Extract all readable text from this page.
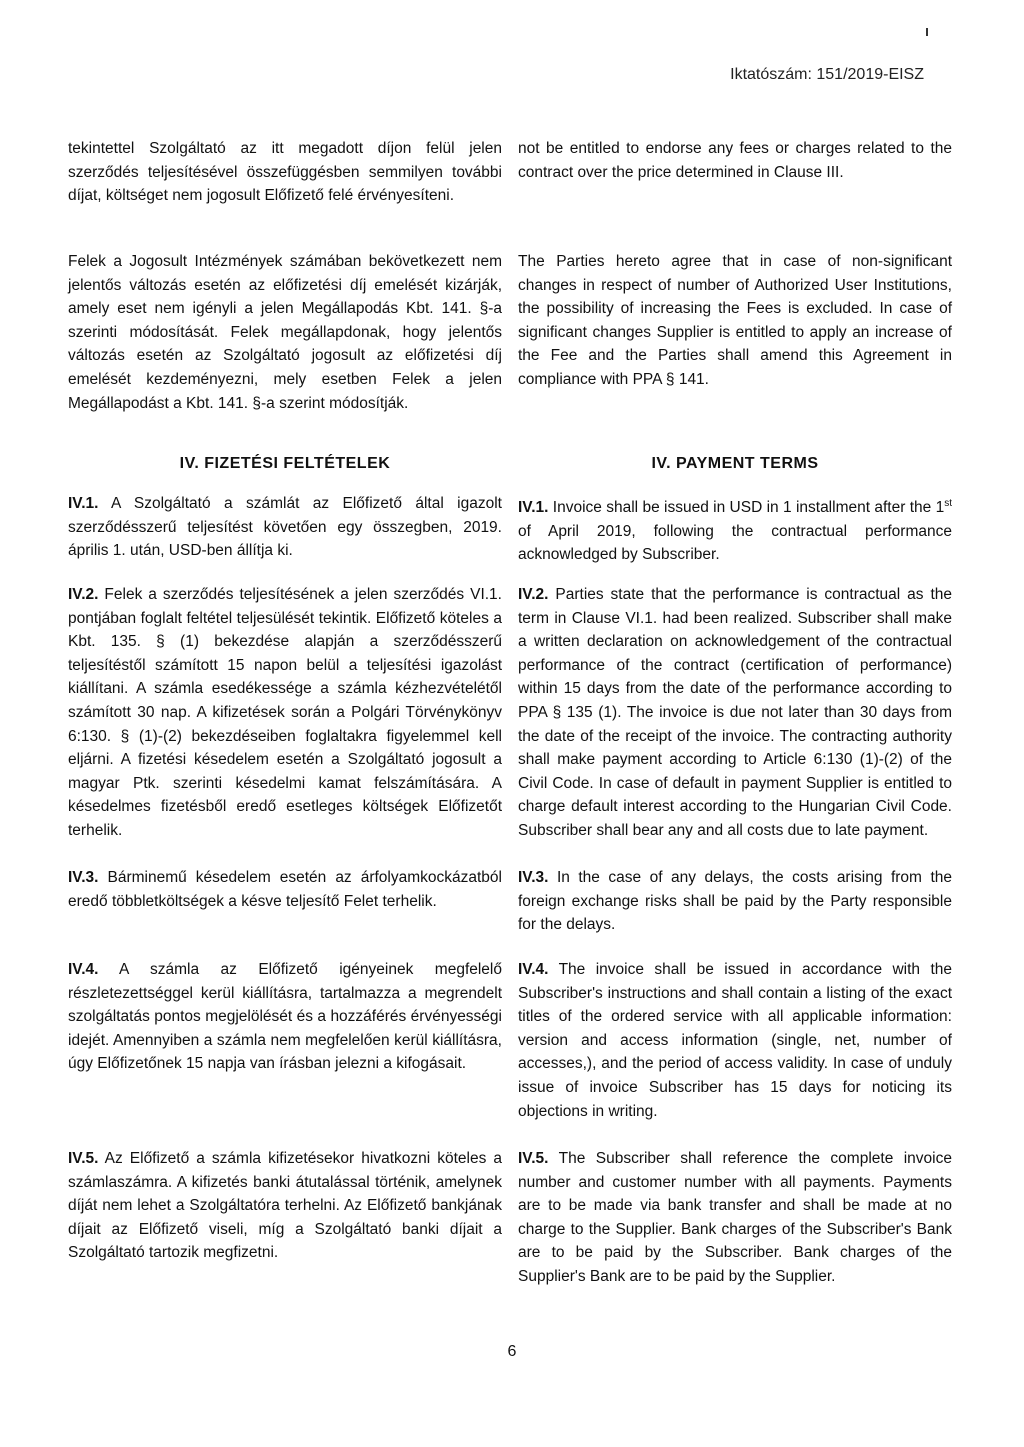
Iktatószám: 151/2019-EISZ
tekintettel Szolgáltató az itt megadott díjon felül jelen szerződés teljesítésével összefüggésben semmilyen további díjat, költséget nem jogosult Előfizető felé érvényesíteni.
Felek a Jogosult Intézmények számában bekövetkezett nem jelentős változás esetén az előfizetési díj emelését kizárják, amely eset nem igényli a jelen Megállapodás Kbt. 141. §-a szerinti módosítását. Felek megállapdonak, hogy jelentős változás esetén az Szolgáltató jogosult az előfizetési díj emelését kezdeményezni, mely esetben Felek a jelen Megállapodást a Kbt. 141. §-a szerint módosítják.
IV. FIZETÉSI FELTÉTELEK
IV.1. A Szolgáltató a számlát az Előfizető által igazolt szerződésszerű teljesítést követően egy összegben, 2019. április 1. után, USD-ben állítja ki.
IV.2. Felek a szerződés teljesítésének a jelen szerződés VI.1. pontjában foglalt feltétel teljesülését tekintik. Előfizető köteles a Kbt. 135. § (1) bekezdése alapján a szerződésszerű teljesítéstől számított 15 napon belül a teljesítési igazolást kiállítani. A számla esedékessége a számla kézhezvételétől számított 30 nap. A kifizetések során a Polgári Törvénykönyv 6:130. § (1)-(2) bekezdéseiben foglaltakra figyelemmel kell eljárni. A fizetési késedelem esetén a Szolgáltató jogosult a magyar Ptk. szerinti késedelmi kamat felszámítására. A késedelmes fizetésből eredő esetleges költségek Előfizetőt terhelik.
IV.3. Bárminemű késedelem esetén az árfolyamkockázatból eredő többletköltségek a késve teljesítő Felet terhelik.
IV.4. A számla az Előfizető igényeinek megfelelő részletezettséggel kerül kiállításra, tartalmazza a megrendelt szolgáltatás pontos megjelölését és a hozzáférés érvényességi idejét. Amennyiben a számla nem megfelelően kerül kiállításra, úgy Előfizetőnek 15 napja van írásban jelezni a kifogásait.
IV.5. Az Előfizető a számla kifizetésekor hivatkozni köteles a számlaszámra. A kifizetés banki átutalással történik, amelynek díját nem lehet a Szolgáltatóra terhelni. Az Előfizető bankjának díjait az Előfizető viseli, míg a Szolgáltató banki díjait a Szolgáltató tartozik megfizetni.
not be entitled to endorse any fees or charges related to the contract over the price determined in Clause III.
The Parties hereto agree that in case of non-significant changes in respect of number of Authorized User Institutions, the possibility of increasing the Fees is excluded. In case of significant changes Supplier is entitled to apply an increase of the Fee and the Parties shall amend this Agreement in compliance with PPA § 141.
IV. PAYMENT TERMS
IV.1. Invoice shall be issued in USD in 1 installment after the 1st of April 2019, following the contractual performance acknowledged by Subscriber.
IV.2. Parties state that the performance is contractual as the term in Clause VI.1. had been realized. Subscriber shall make a written declaration on acknowledgement of the contractual performance of the contract (certification of performance) within 15 days from the date of the performance according to PPA § 135 (1). The invoice is due not later than 30 days from the date of the receipt of the invoice. The contracting authority shall make payment according to Article 6:130 (1)-(2) of the Civil Code. In case of default in payment Supplier is entitled to charge default interest according to the Hungarian Civil Code. Subscriber shall bear any and all costs due to late payment.
IV.3. In the case of any delays, the costs arising from the foreign exchange risks shall be paid by the Party responsible for the delays.
IV.4. The invoice shall be issued in accordance with the Subscriber's instructions and shall contain a listing of the exact titles of the ordered service with all applicable information: version and access information (single, net, number of accesses,), and the period of access validity. In case of unduly issue of invoice Subscriber has 15 days for noticing its objections in writing.
IV.5. The Subscriber shall reference the complete invoice number and customer number with all payments. Payments are to be made via bank transfer and shall be made at no charge to the Supplier. Bank charges of the Subscriber's Bank are to be paid by the Subscriber. Bank charges of the Supplier's Bank are to be paid by the Supplier.
6
